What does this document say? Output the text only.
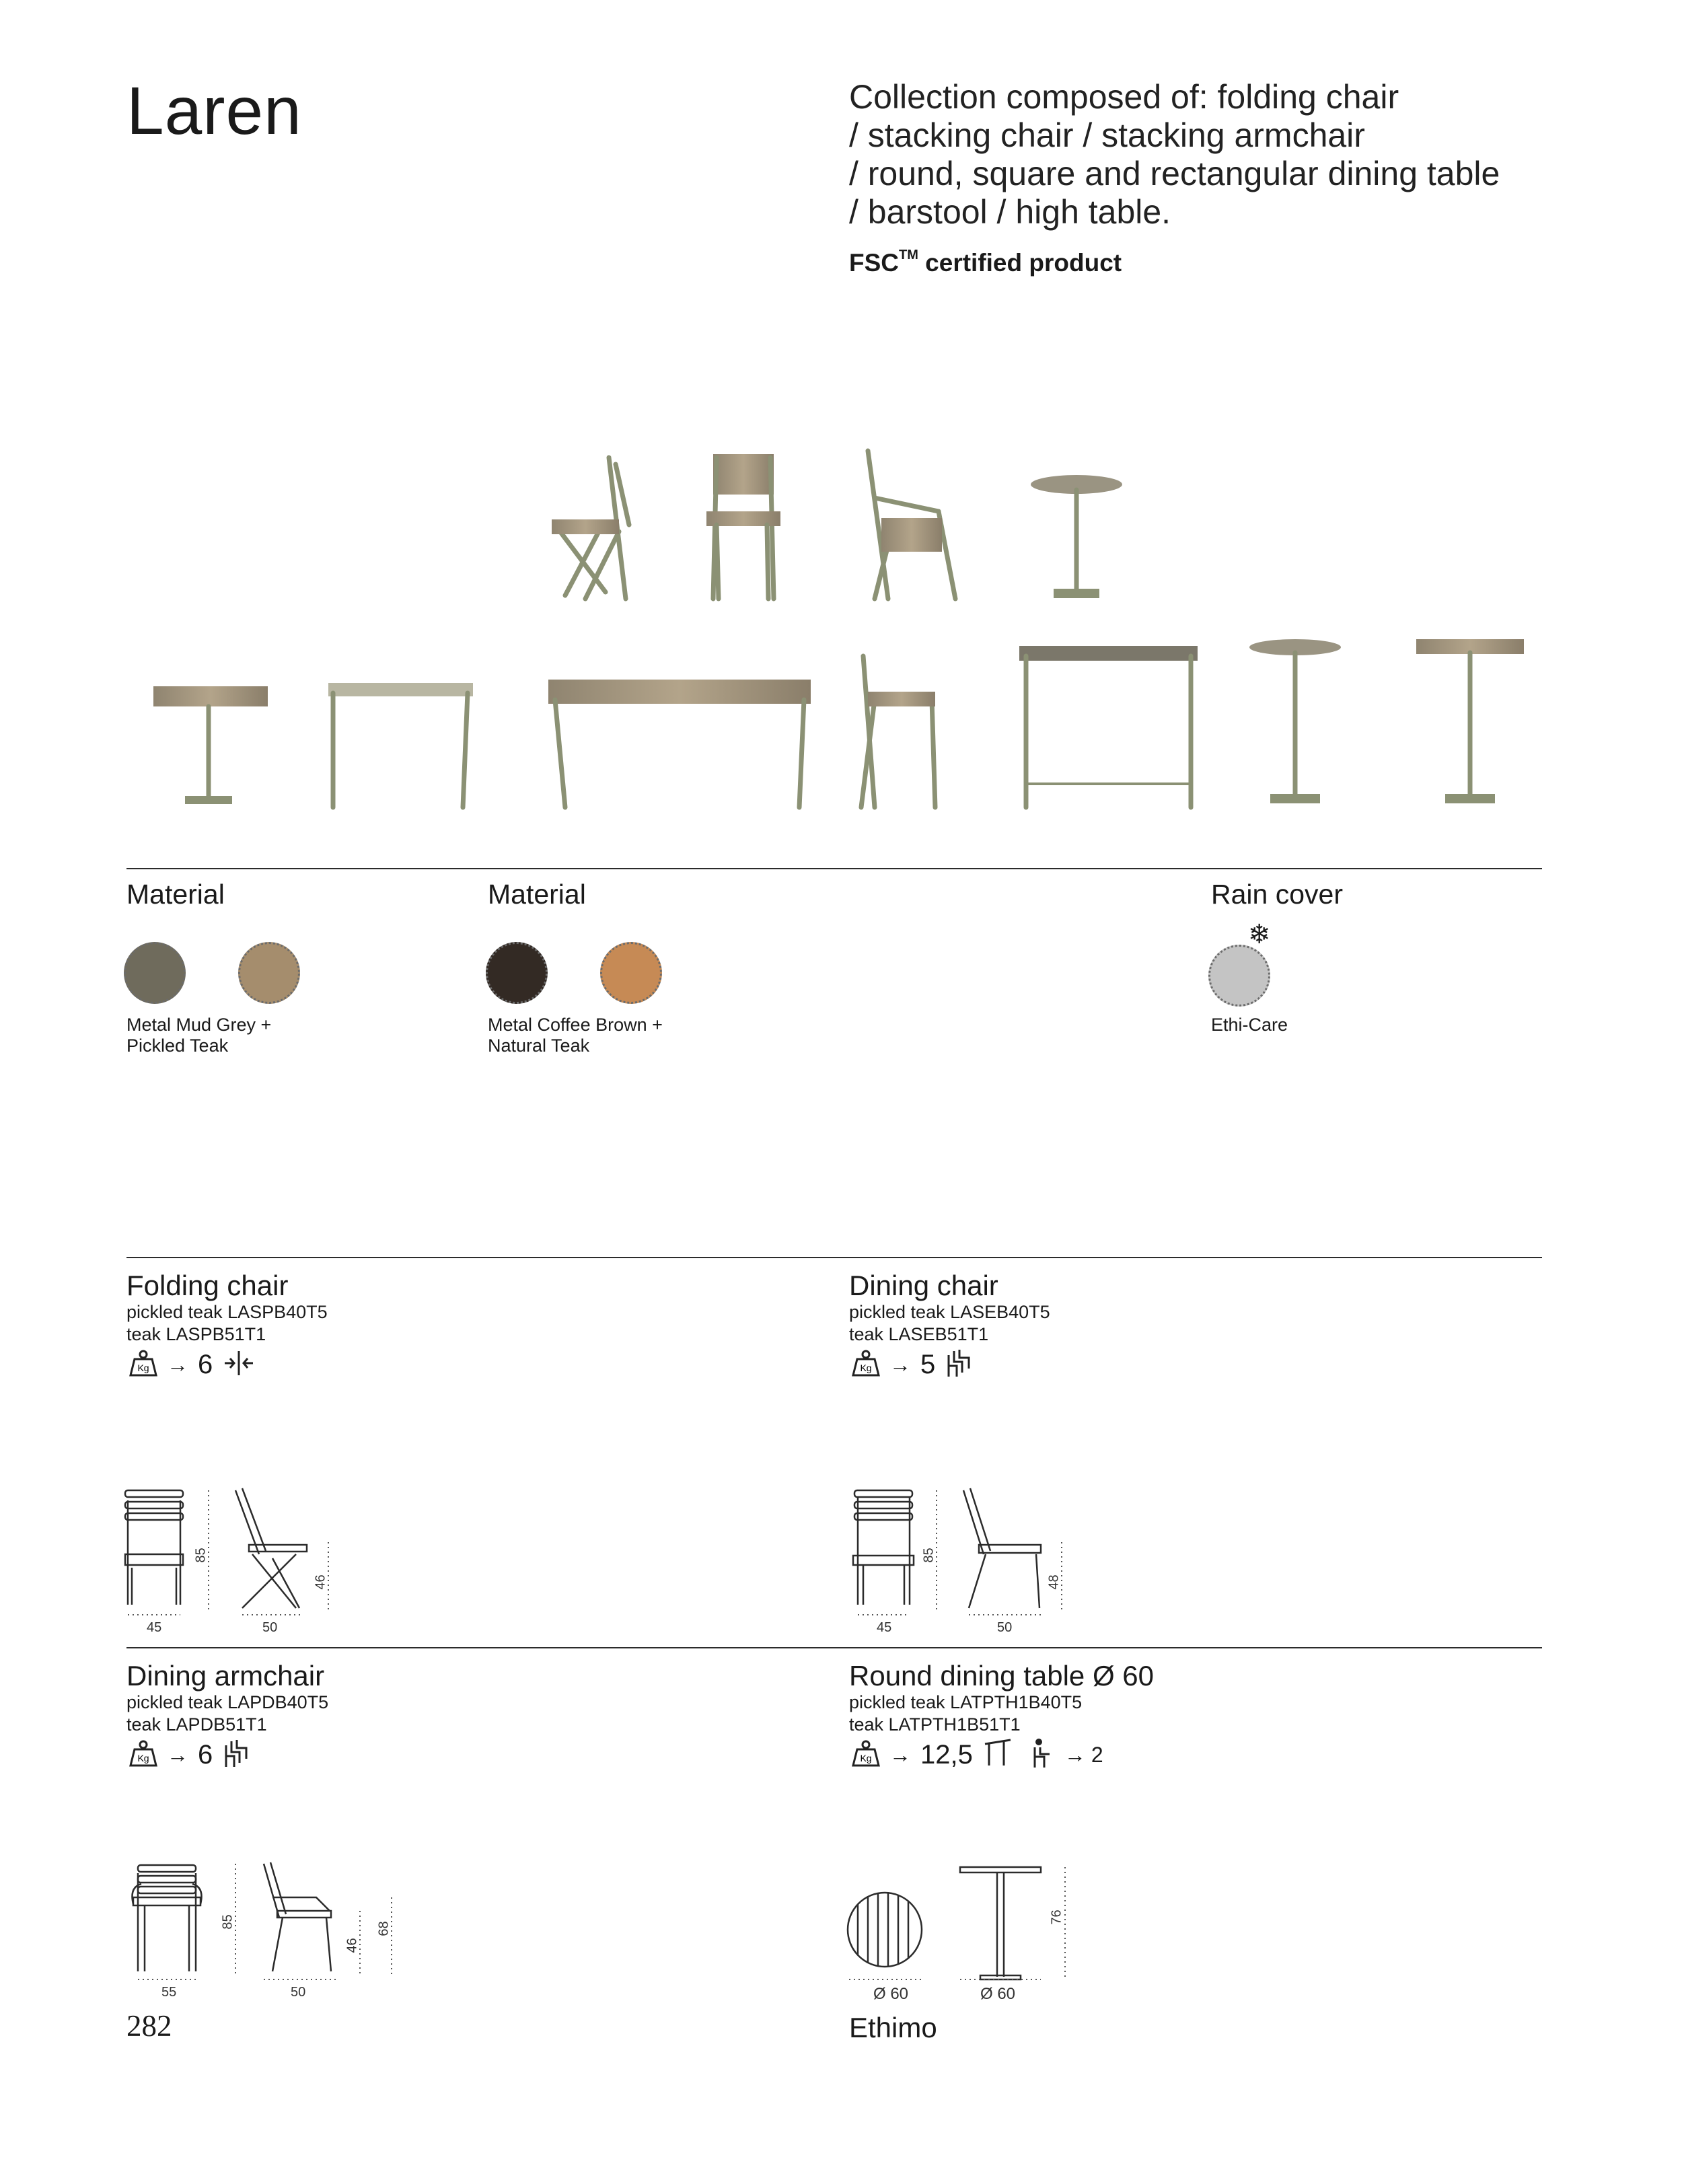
Laren	Collection composed of: folding chair
/ stacking chair / stacking armchair
/ round, square and rectangular dining table
/ barstool / high table.
FSC™ certified product
Material
Metal Mud Grey +
Pickled Teak
Material
Metal Coffee Brown +
Natural Teak
Rain cover
❄
Ethi-Care
Folding chair
pickled teak LASPB40T5
teak LASPB51T1
Kg → 6
Dining chair
pickled teak LASEB40T5
teak LASEB51T1
Kg → 5
Dining armchair
pickled teak LAPDB40T5
teak LAPDB51T1
Kg → 6
Round dining table Ø 60
pickled teak LATPTH1B40T5
teak LATPTH1B51T1
Kg → 12,5	→ 2
45	50
85
46
45	50
85
48
55	50
85
46
68
Ø 60	Ø 60
76
282	Ethimo
